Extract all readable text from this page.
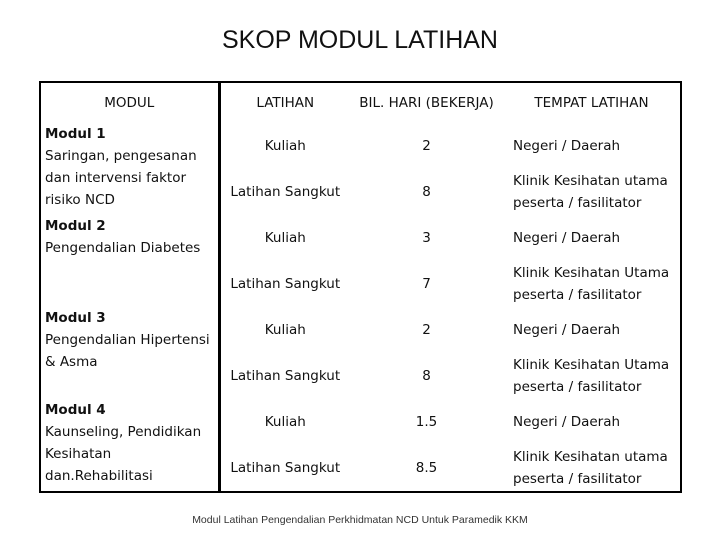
SKOP MODUL LATIHAN
MODUL	LATIHAN	BIL. HARI (BEKERJA)	TEMPAT LATIHAN

Modul 1
Saringan, pengesanan dan intervensi faktor risiko NCD	Kuliah	2	Negeri / Daerah
	Latihan Sangkut	8	Klinik Kesihatan utama peserta / fasilitator

Modul 2
Pengendalian Diabetes	Kuliah	3	Negeri / Daerah
	Latihan Sangkut	7	Klinik Kesihatan Utama peserta / fasilitator

Modul 3
Pengendalian Hipertensi & Asma	Kuliah	2	Negeri / Daerah
	Latihan Sangkut	8	Klinik Kesihatan Utama peserta / fasilitator

Modul 4
Kaunseling, Pendidikan Kesihatan dan.Rehabilitasi	Kuliah	1.5	Negeri / Daerah
	Latihan Sangkut	8.5	Klinik Kesihatan utama peserta / fasilitator
Modul Latihan Pengendalian Perkhidmatan NCD Untuk Paramedik KKM
